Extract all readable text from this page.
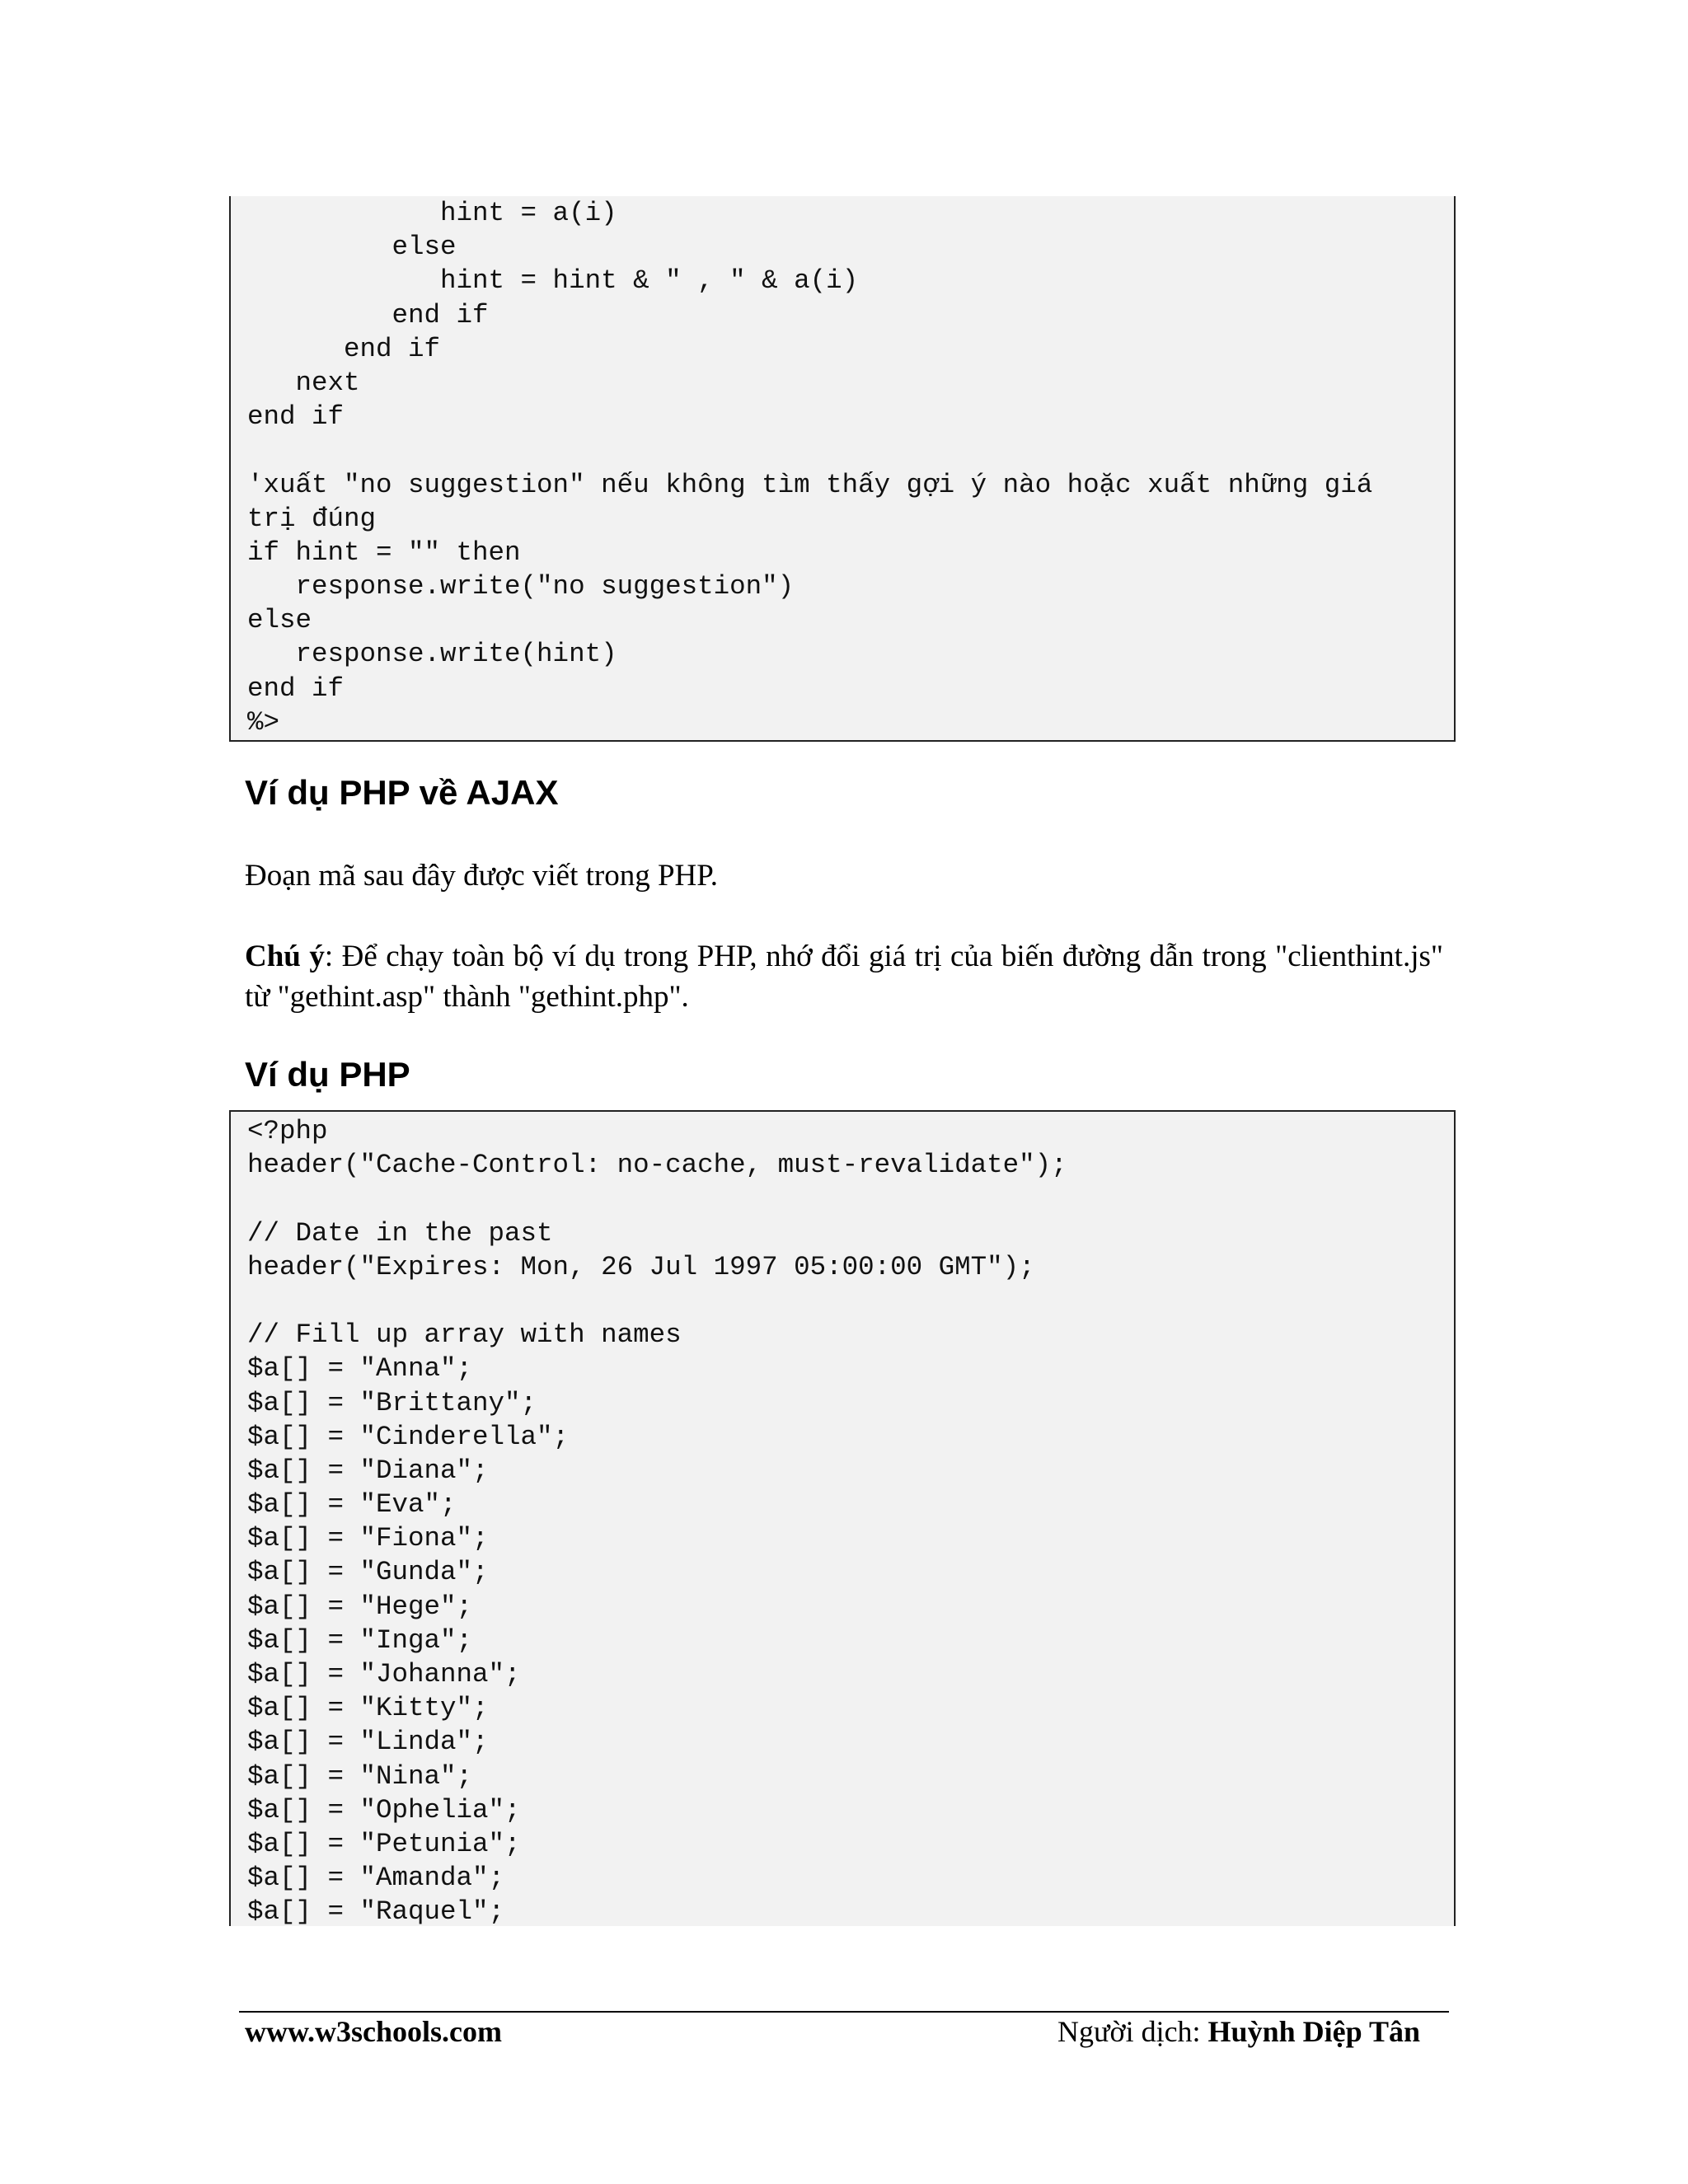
hint = a(i)
else
hint = hint & " , " & a(i)
end if
end if
next
end if
'xuất "no suggestion" nếu không tìm thấy gợi ý nào hoặc xuất những giá
trị đúng
if hint = "" then
response.write("no suggestion")
else
response.write(hint)
end if
%>
Ví dụ PHP về AJAX

Đoạn mã sau đây được viết trong PHP.

Chú ý: Để chạy toàn bộ ví dụ trong PHP, nhớ đổi giá trị của biến đường dẫn trong "clienthint.js" từ "gethint.asp" thành "gethint.php".

Ví dụ PHP
<?php
header("Cache-Control: no-cache, must-revalidate");
// Date in the past
header("Expires: Mon, 26 Jul 1997 05:00:00 GMT");
// Fill up array with names
$a[] = "Anna";
$a[] = "Brittany";
$a[] = "Cinderella";
$a[] = "Diana";
$a[] = "Eva";
$a[] = "Fiona";
$a[] = "Gunda";
$a[] = "Hege";
$a[] = "Inga";
$a[] = "Johanna";
$a[] = "Kitty";
$a[] = "Linda";
$a[] = "Nina";
$a[] = "Ophelia";
$a[] = "Petunia";
$a[] = "Amanda";
$a[] = "Raquel";
www.w3schools.com	Người dịch: Huỳnh Diệp Tân
